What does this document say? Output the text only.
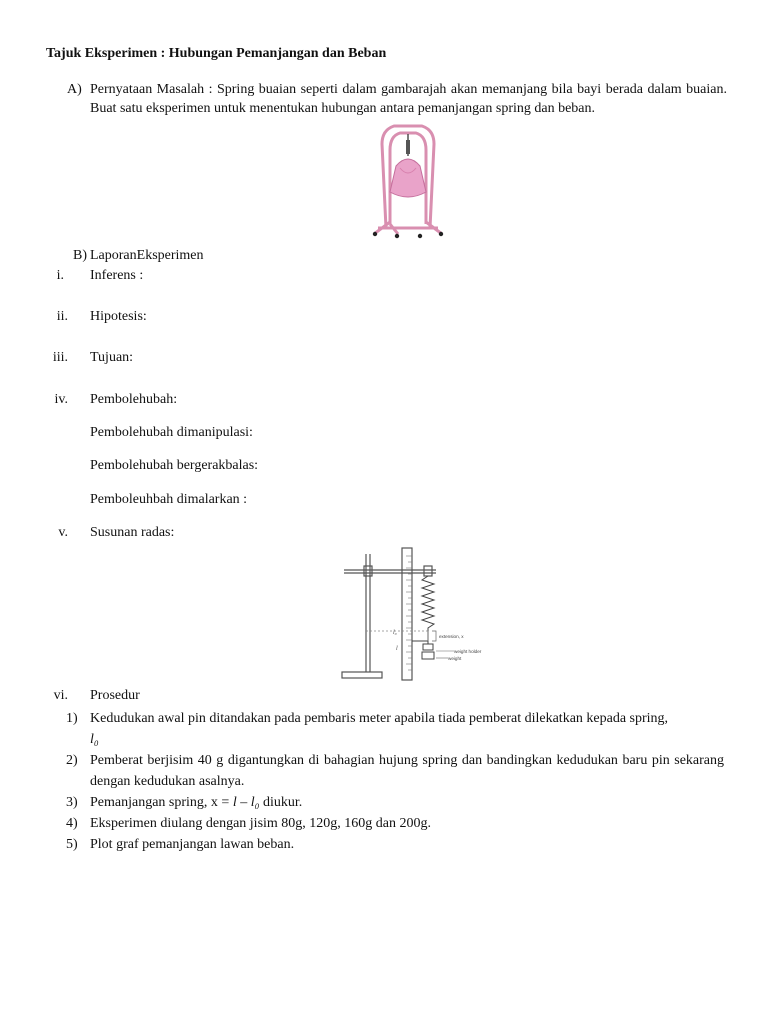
Tajuk Eksperimen : Hubungan Pemanjangan dan Beban
A) Pernyataan Masalah : Spring buaian seperti dalam gambarajah akan memanjang bila bayi berada dalam buaian. Buat satu eksperimen untuk menentukan hubungan antara pemanjangan spring dan beban.
B) LaporanEksperimen
i. Inferens :
ii. Hipotesis:
iii. Tujuan:
iv. Pembolehubah:
Pembolehubah dimanipulasi:
Pembolehubah bergerakbalas:
Pemboleuhbah dimalarkan :
v. Susunan radas:
l₀
l
extension, x
weight holder
weight
vi. Prosedur
1) Kedudukan awal pin ditandakan pada pembaris meter apabila tiada pemberat dilekatkan kepada spring,
l₀
2) Pemberat berjisim 40 g digantungkan di bahagian hujung spring dan bandingkan kedudukan baru pin sekarang dengan kedudukan asalnya.
3) Pemanjangan spring, x = l – l₀ diukur.
4) Eksperimen diulang dengan jisim 80g, 120g, 160g dan 200g.
5) Plot graf pemanjangan lawan beban.
